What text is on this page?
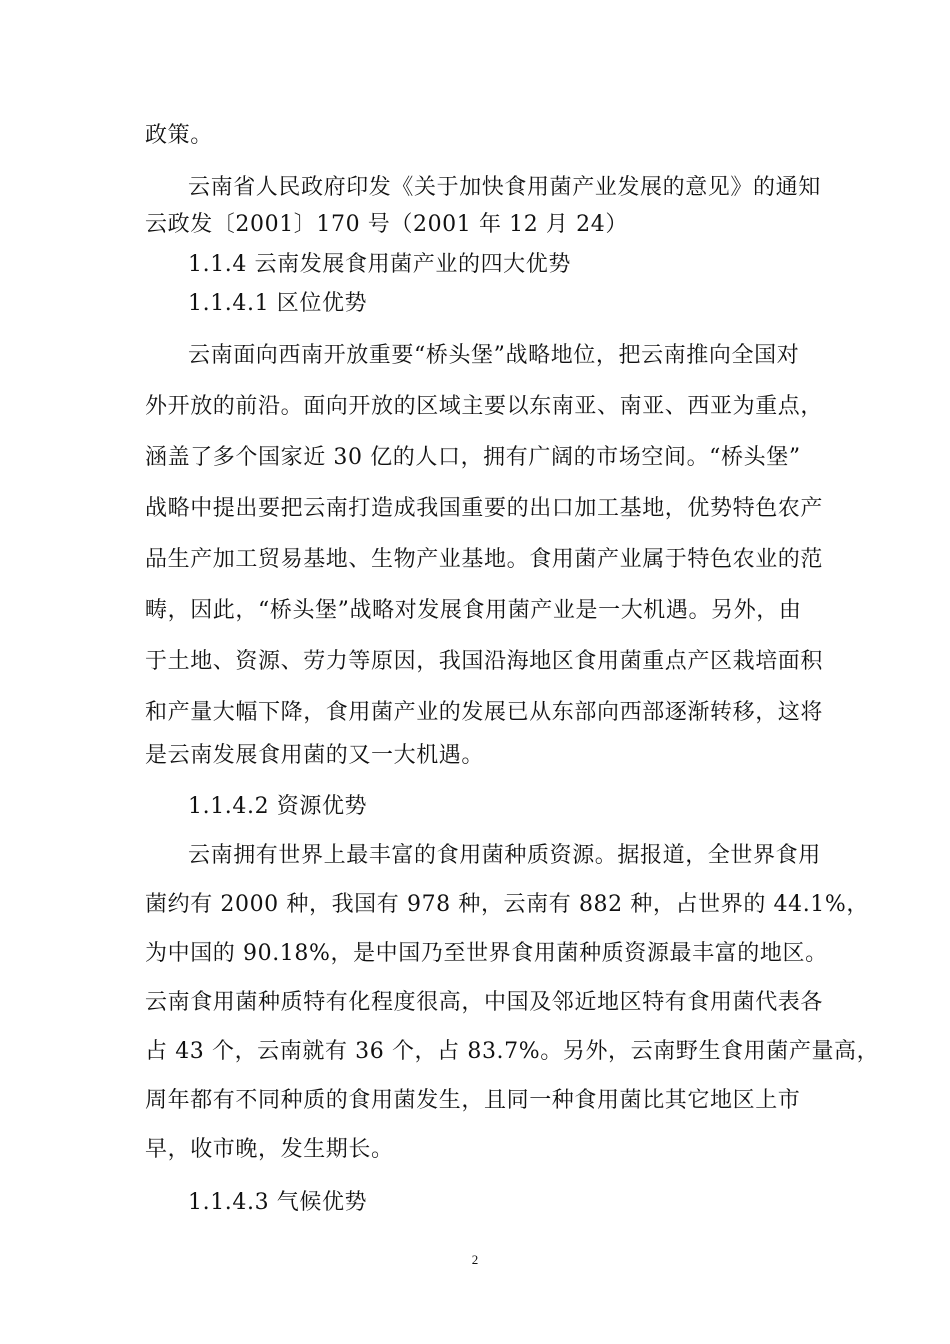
政策。
云南省人民政府印发《关于加快食用菌产业发展的意见》的通知
云政发〔2001〕170 号（2001 年 12 月 24）
1.1.4 云南发展食用菌产业的四大优势
1.1.4.1 区位优势
云南面向西南开放重要“桥头堡”战略地位，把云南推向全国对
外开放的前沿。面向开放的区域主要以东南亚、南亚、西亚为重点，
涵盖了多个国家近 30 亿的人口，拥有广阔的市场空间。“桥头堡”
战略中提出要把云南打造成我国重要的出口加工基地，优势特色农产
品生产加工贸易基地、生物产业基地。食用菌产业属于特色农业的范
畴，因此，“桥头堡”战略对发展食用菌产业是一大机遇。另外，由
于土地、资源、劳力等原因，我国沿海地区食用菌重点产区栽培面积
和产量大幅下降，食用菌产业的发展已从东部向西部逐渐转移，这将
是云南发展食用菌的又一大机遇。
1.1.4.2 资源优势
云南拥有世界上最丰富的食用菌种质资源。据报道，全世界食用
菌约有 2000 种，我国有 978 种，云南有 882 种，占世界的 44.1%，
为中国的 90.18%，是中国乃至世界食用菌种质资源最丰富的地区。
云南食用菌种质特有化程度很高，中国及邻近地区特有食用菌代表各
占 43 个，云南就有 36 个，占 83.7%。另外，云南野生食用菌产量高，
周年都有不同种质的食用菌发生，且同一种食用菌比其它地区上市
早，收市晚，发生期长。
1.1.4.3 气候优势
2
